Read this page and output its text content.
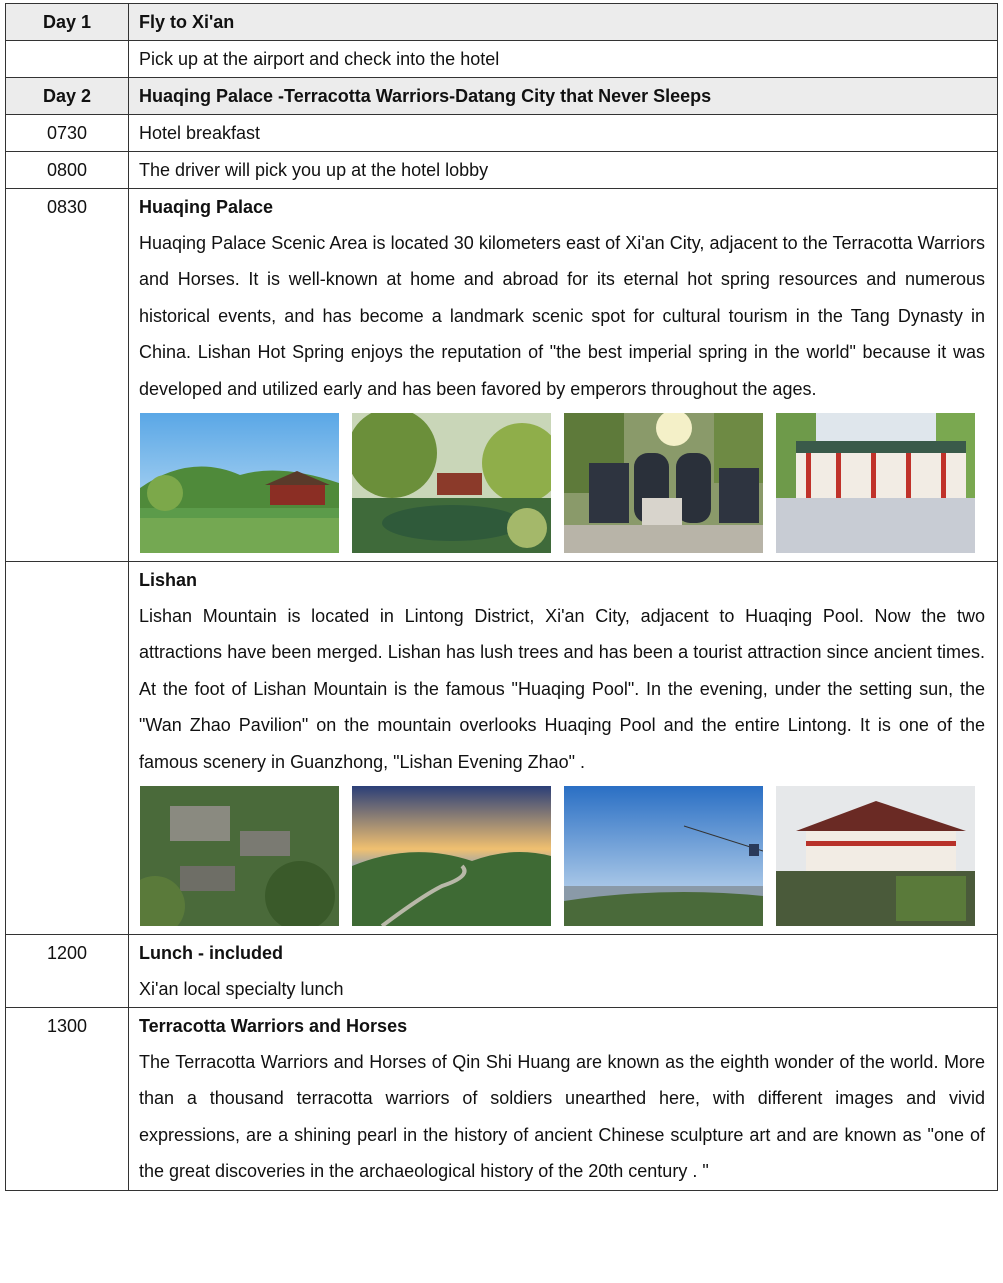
Day 1	Fly to Xi'an
	Pick up at the airport and check into the hotel
Day 2	Huaqing Palace -Terracotta Warriors-Datang City that Never Sleeps
0730	Hotel breakfast
0800	The driver will pick you up at the hotel lobby
0830	Huaqing Palace

Huaqing Palace Scenic Area is located 30 kilometers east of Xi'an City, adjacent to the Terracotta Warriors and Horses. It is well-known at home and abroad for its eternal hot spring resources and numerous historical events, and has become a landmark scenic spot for cultural tourism in the Tang Dynasty in China. Lishan Hot Spring enjoys the reputation of "the best imperial spring in the world" because it was developed and utilized early and has been favored by emperors throughout the ages.

	Lishan

Lishan Mountain is located in Lintong District, Xi'an City, adjacent to Huaqing Pool. Now the two attractions have been merged. Lishan has lush trees and has been a tourist attraction since ancient times. At the foot of Lishan Mountain is the famous "Huaqing Pool". In the evening, under the setting sun, the "Wan Zhao Pavilion" on the mountain overlooks Huaqing Pool and the entire Lintong. It is one of the famous scenery in Guanzhong, "Lishan Evening Zhao" .

1200	Lunch - included
Xi'an local specialty lunch

1300	Terracotta Warriors and Horses

The Terracotta Warriors and Horses of Qin Shi Huang are known as the eighth wonder of the world. More than a thousand terracotta warriors of soldiers unearthed here, with different images and vivid expressions, are a shining pearl in the history of ancient Chinese sculpture art and are known as "one of the great discoveries in the archaeological history of the 20th century . "
